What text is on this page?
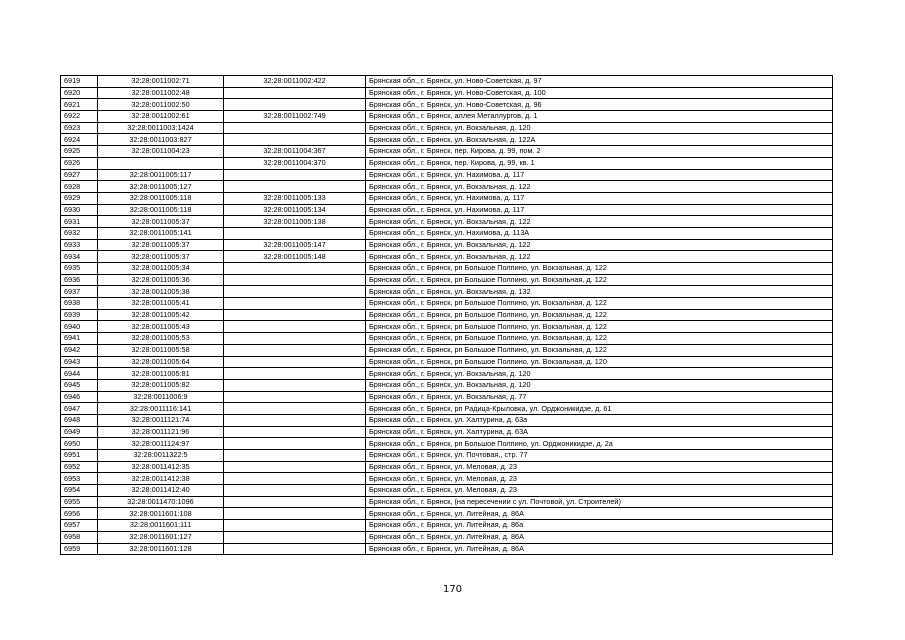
6919	32:28:0011002:71	32:28:0011002:422	Брянская обл., г. Брянск, ул. Ново-Советская, д. 97
6920	32:28:0011002:48		Брянская обл., г. Брянск, ул. Ново-Советская, д. 100
6921	32:28:0011002:50		Брянская обл., г. Брянск, ул. Ново-Советская, д. 96
6922	32:28:0011002:61	32:28:0011002:749	Брянская обл., г. Брянск, аллея Металлургов, д. 1
6923	32:28:0011003:1424		Брянская обл., г. Брянск, ул. Вокзальная, д. 120
6924	32:28:0011003:827		Брянская обл., г. Брянск, ул. Вокзальная, д. 122А
6925	32:28:0011004:23	32:28:0011004:367	Брянская обл., г. Брянск, пер. Кирова, д. 99, пом. 2
6926		32:28:0011004:370	Брянская обл., г. Брянск, пер. Кирова, д. 99, кв. 1
6927	32:28:0011005:117		Брянская обл., г. Брянск, ул. Нахимова, д. 117
6928	32:28:0011005:127		Брянская обл., г. Брянск, ул. Вокзальная, д. 122
6929	32:28:0011005:118	32:28:0011005:133	Брянская обл., г. Брянск, ул. Нахимова, д. 117
6930	32:28:0011005:118	32:28:0011005:134	Брянская обл., г. Брянск, ул. Нахимова, д. 117
6931	32:28:0011005:37	32:28:0011005:138	Брянская обл., г. Брянск, ул. Вокзальная, д. 122
6932	32:28:0011005:141		Брянская обл., г. Брянск, ул. Нахимова, д. 113А
6933	32:28:0011005:37	32:28:0011005:147	Брянская обл., г. Брянск, ул. Вокзальная, д. 122
6934	32:28:0011005:37	32:28:0011005:148	Брянская обл., г. Брянск, ул. Вокзальная, д. 122
6935	32:28:0011005:34		Брянская обл., г. Брянск, рп Большое Полпино, ул. Вокзальная, д. 122
6936	32:28:0011005:36		Брянская обл., г. Брянск, рп Большое Полпино, ул. Вокзальная, д. 122
6937	32:28:0011005:38		Брянская обл., г. Брянск, ул. Вокзальная, д. 132
6938	32:28:0011005:41		Брянская обл., г. Брянск, рп Большое Полпино, ул. Вокзальная, д. 122
6939	32:28:0011005:42		Брянская обл., г. Брянск, рп Большое Полпино, ул. Вокзальная, д. 122
6940	32:28:0011005:43		Брянская обл., г. Брянск, рп Большое Полпино, ул. Вокзальная, д. 122
6941	32:28:0011005:53		Брянская обл., г. Брянск, рп Большое Полпино, ул. Вокзальная, д. 122
6942	32:28:0011005:58		Брянская обл., г. Брянск, рп Большое Полпино, ул. Вокзальная, д. 122
6943	32:28:0011005:64		Брянская обл., г. Брянск, рп Большое Полпино, ул. Вокзальная, д. 120
6944	32:28:0011005:81		Брянская обл., г. Брянск, ул. Вокзальная, д. 120
6945	32:28:0011005:82		Брянская обл., г. Брянск, ул. Вокзальная, д. 120
6946	32:28:0011006:9		Брянская обл., г. Брянск, ул. Вокзальная, д. 77
6947	32:28:0011116:141		Брянская обл., г. Брянск, рп Радица-Крыловка, ул. Орджоникидзе, д. 61
6948	32:28:0011121:74		Брянская обл., г. Брянск, ул. Халтурина, д. 63а
6949	32:28:0011121:96		Брянская обл., г. Брянск, ул. Халтурина, д. 63А
6950	32:28:0011124:97		Брянская обл., г. Брянск, рп Большое Полпино, ул. Орджоникидзе, д. 2а
6951	32:28:0011322:5		Брянская обл., г. Брянск, ул. Почтовая,, стр. 77
6952	32:28:0011412:35		Брянская обл., г. Брянск, ул. Меловая, д. 23
6953	32:28:0011412:38		Брянская обл., г. Брянск, ул. Меловая, д. 23
6954	32:28:0011412:40		Брянская обл., г. Брянск, ул. Меловая, д. 23
6955	32:28:0011470:1096		Брянская обл., г. Брянск, (на пересечении с ул. Почтовой, ул. Строителей)
6956	32:28:0011601:108		Брянская обл., г. Брянск, ул. Литейная, д. 86А
6957	32:28:0011601:111		Брянская обл., г. Брянск, ул. Литейная, д. 86а
6958	32:28:0011601:127		Брянская обл., г. Брянск, ул. Литейная, д. 86А
6959	32:28:0011601:128		Брянская обл., г. Брянск, ул. Литейная, д. 86А
170
